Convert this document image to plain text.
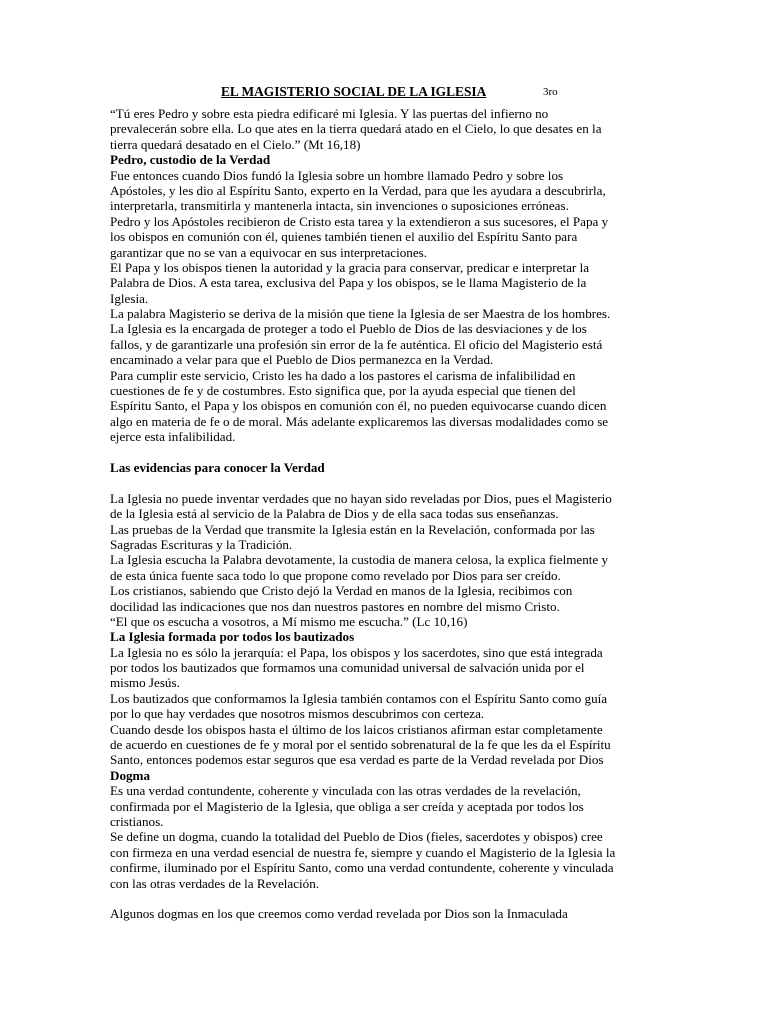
EL MAGISTERIO SOCIAL DE LA IGLESIA	3ro
“Tú eres Pedro y sobre esta piedra edificaré mi Iglesia. Y las puertas del infierno no
prevalecerán sobre ella. Lo que ates en la tierra quedará atado en el Cielo, lo que desates en la
tierra quedará desatado en el Cielo.” (Mt 16,18)
Pedro, custodio de la Verdad
Fue entonces cuando Dios fundó la Iglesia sobre un hombre llamado Pedro y sobre los
Apóstoles, y les dio al Espíritu Santo, experto en la Verdad, para que les ayudara a descubrirla,
interpretarla, transmitirla y mantenerla intacta, sin invenciones o suposiciones erróneas.
Pedro y los Apóstoles recibieron de Cristo esta tarea y la extendieron a sus sucesores, el Papa y
los obispos en comunión con él, quienes también tienen el auxilio del Espíritu Santo para
garantizar que no se van a equivocar en sus interpretaciones.
El Papa y los obispos tienen la autoridad y la gracia para conservar, predicar e interpretar la
Palabra de Dios. A esta tarea, exclusiva del Papa y los obispos, se le llama Magisterio de la
Iglesia.
La palabra Magisterio se deriva de la misión que tiene la Iglesia de ser Maestra de los hombres.
La Iglesia es la encargada de proteger a todo el Pueblo de Dios de las desviaciones y de los
fallos, y de garantizarle una profesión sin error de la fe auténtica. El oficio del Magisterio está
encaminado a velar para que el Pueblo de Dios permanezca en la Verdad.
Para cumplir este servicio, Cristo les ha dado a los pastores el carisma de infalibilidad en
cuestiones de fe y de costumbres. Esto significa que, por la ayuda especial que tienen del
Espíritu Santo, el Papa y los obispos en comunión con él, no pueden equivocarse cuando dicen
algo en materia de fe o de moral. Más adelante explicaremos las diversas modalidades como se
ejerce esta infalibilidad.
Las evidencias para conocer la Verdad
La Iglesia no puede inventar verdades que no hayan sido reveladas por Dios, pues el Magisterio
de la Iglesia está al servicio de la Palabra de Dios y de ella saca todas sus enseñanzas.
Las pruebas de la Verdad que transmite la Iglesia están en la Revelación, conformada por las
Sagradas Escrituras y la Tradición.
La Iglesia escucha la Palabra devotamente, la custodia de manera celosa, la explica fielmente y
de esta única fuente saca todo lo que propone como revelado por Dios para ser creído.
Los cristianos, sabiendo que Cristo dejó la Verdad en manos de la Iglesia, recibimos con
docilidad las indicaciones que nos dan nuestros pastores en nombre del mismo Cristo.
“El que os escucha a vosotros, a Mí mismo me escucha.” (Lc 10,16)
La Iglesia formada por todos los bautizados
La Iglesia no es sólo la jerarquía: el Papa, los obispos y los sacerdotes, sino que está integrada
por todos los bautizados que formamos una comunidad universal de salvación unida por el
mismo Jesús.
Los bautizados que conformamos la Iglesia también contamos con el Espíritu Santo como guía
por lo que hay verdades que nosotros mismos descubrimos con certeza.
Cuando desde los obispos hasta el último de los laicos cristianos afirman estar completamente
de acuerdo en cuestiones de fe y moral por el sentido sobrenatural de la fe que les da el Espíritu
Santo, entonces podemos estar seguros que esa verdad es parte de la Verdad revelada por Dios
Dogma
Es una verdad contundente, coherente y vinculada con las otras verdades de la revelación,
confirmada por el Magisterio de la Iglesia, que obliga a ser creída y aceptada por todos los
cristianos.
Se define un dogma, cuando la totalidad del Pueblo de Dios (fieles, sacerdotes y obispos) cree
con firmeza en una verdad esencial de nuestra fe, siempre y cuando el Magisterio de la Iglesia la
confirme, iluminado por el Espíritu Santo, como una verdad contundente, coherente y vinculada
con las otras verdades de la Revelación.
Algunos dogmas en los que creemos como verdad revelada por Dios son la Inmaculada
